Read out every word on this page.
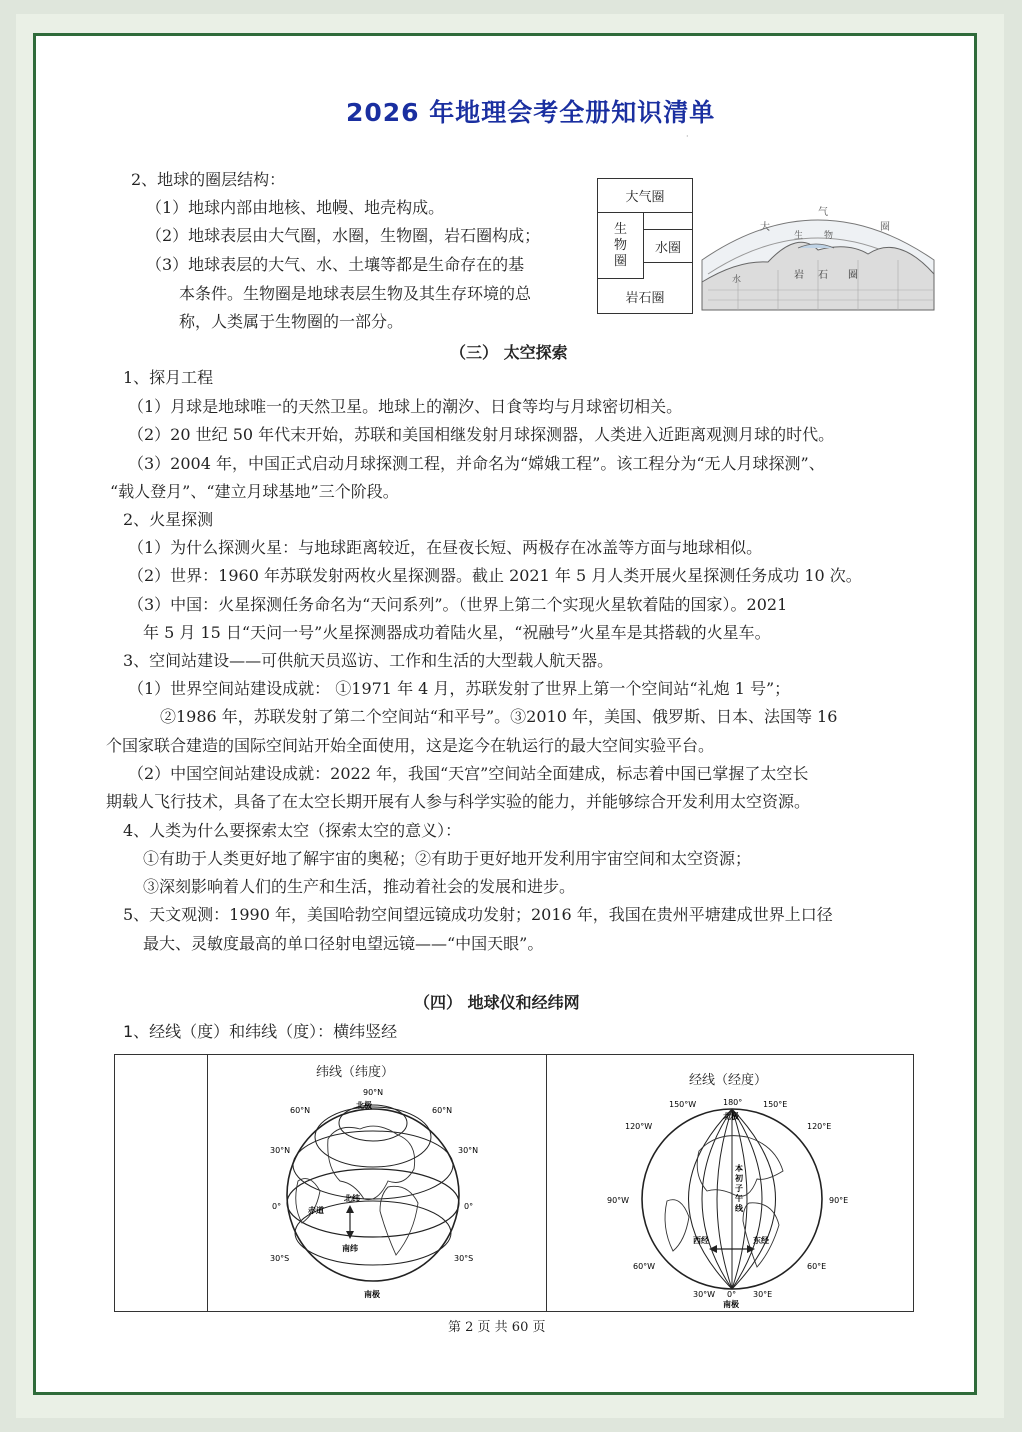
2026 年地理会考全册知识清单
·
2、地球的圈层结构：
（1）地球内部由地核、地幔、地壳构成。
（2）地球表层由大气圈，水圈，生物圈，岩石圈构成；
（3）地球表层的大气、水、土壤等都是生命存在的基
本条件。生物圈是地球表层生物及其生存环境的总
称，人类属于生物圈的一部分。
大气圈
生
物
圈
水圈
岩石圈
大
气
圈
生 物
水	岩 石 圈
（三） 太空探索
1、探月工程
（1）月球是地球唯一的天然卫星。地球上的潮汐、日食等均与月球密切相关。
（2）20 世纪 50 年代末开始，苏联和美国相继发射月球探测器，人类进入近距离观测月球的时代。
（3）2004 年，中国正式启动月球探测工程，并命名为“嫦娥工程”。该工程分为“无人月球探测”、
“载人登月”、“建立月球基地”三个阶段。
2、火星探测
（1）为什么探测火星：与地球距离较近，在昼夜长短、两极存在冰盖等方面与地球相似。
（2）世界：1960 年苏联发射两枚火星探测器。截止 2021 年 5 月人类开展火星探测任务成功 10 次。
（3）中国：火星探测任务命名为“天问系列”。（世界上第二个实现火星软着陆的国家）。2021
年 5 月 15 日“天问一号”火星探测器成功着陆火星，“祝融号”火星车是其搭载的火星车。
3、空间站建设——可供航天员巡访、工作和生活的大型载人航天器。
（1）世界空间站建设成就： ①1971 年 4 月，苏联发射了世界上第一个空间站“礼炮 1 号”；
②1986 年，苏联发射了第二个空间站“和平号”。③2010 年，美国、俄罗斯、日本、法国等 16
个国家联合建造的国际空间站开始全面使用，这是迄今在轨运行的最大空间实验平台。
（2）中国空间站建设成就：2022 年，我国“天宫”空间站全面建成，标志着中国已掌握了太空长
期载人飞行技术，具备了在太空长期开展有人参与科学实验的能力，并能够综合开发利用太空资源。
4、人类为什么要探索太空（探索太空的意义）：
①有助于人类更好地了解宇宙的奥秘；②有助于更好地开发利用宇宙空间和太空资源；
③深刻影响着人们的生产和生活，推动着社会的发展和进步。
5、天文观测：1990 年，美国哈勃空间望远镜成功发射；2016 年，我国在贵州平塘建成世界上口径
最大、灵敏度最高的单口径射电望远镜——“中国天眼”。
（四） 地球仪和经纬网
1、经线（度）和纬线（度）：横纬竖经

纬线（纬度）
90°N
北极
60°N	60°N
30°N	30°N
0°	0°
赤道
北纬
南纬
30°S	30°S
南极

经线（经度）
150°W	180°	150°E
北极
120°W	120°E
90°W	90°E
本
初
子
午
线
西经	东经
60°W	60°E
30°W 0° 30°E
南极
第 2 页 共 60 页
